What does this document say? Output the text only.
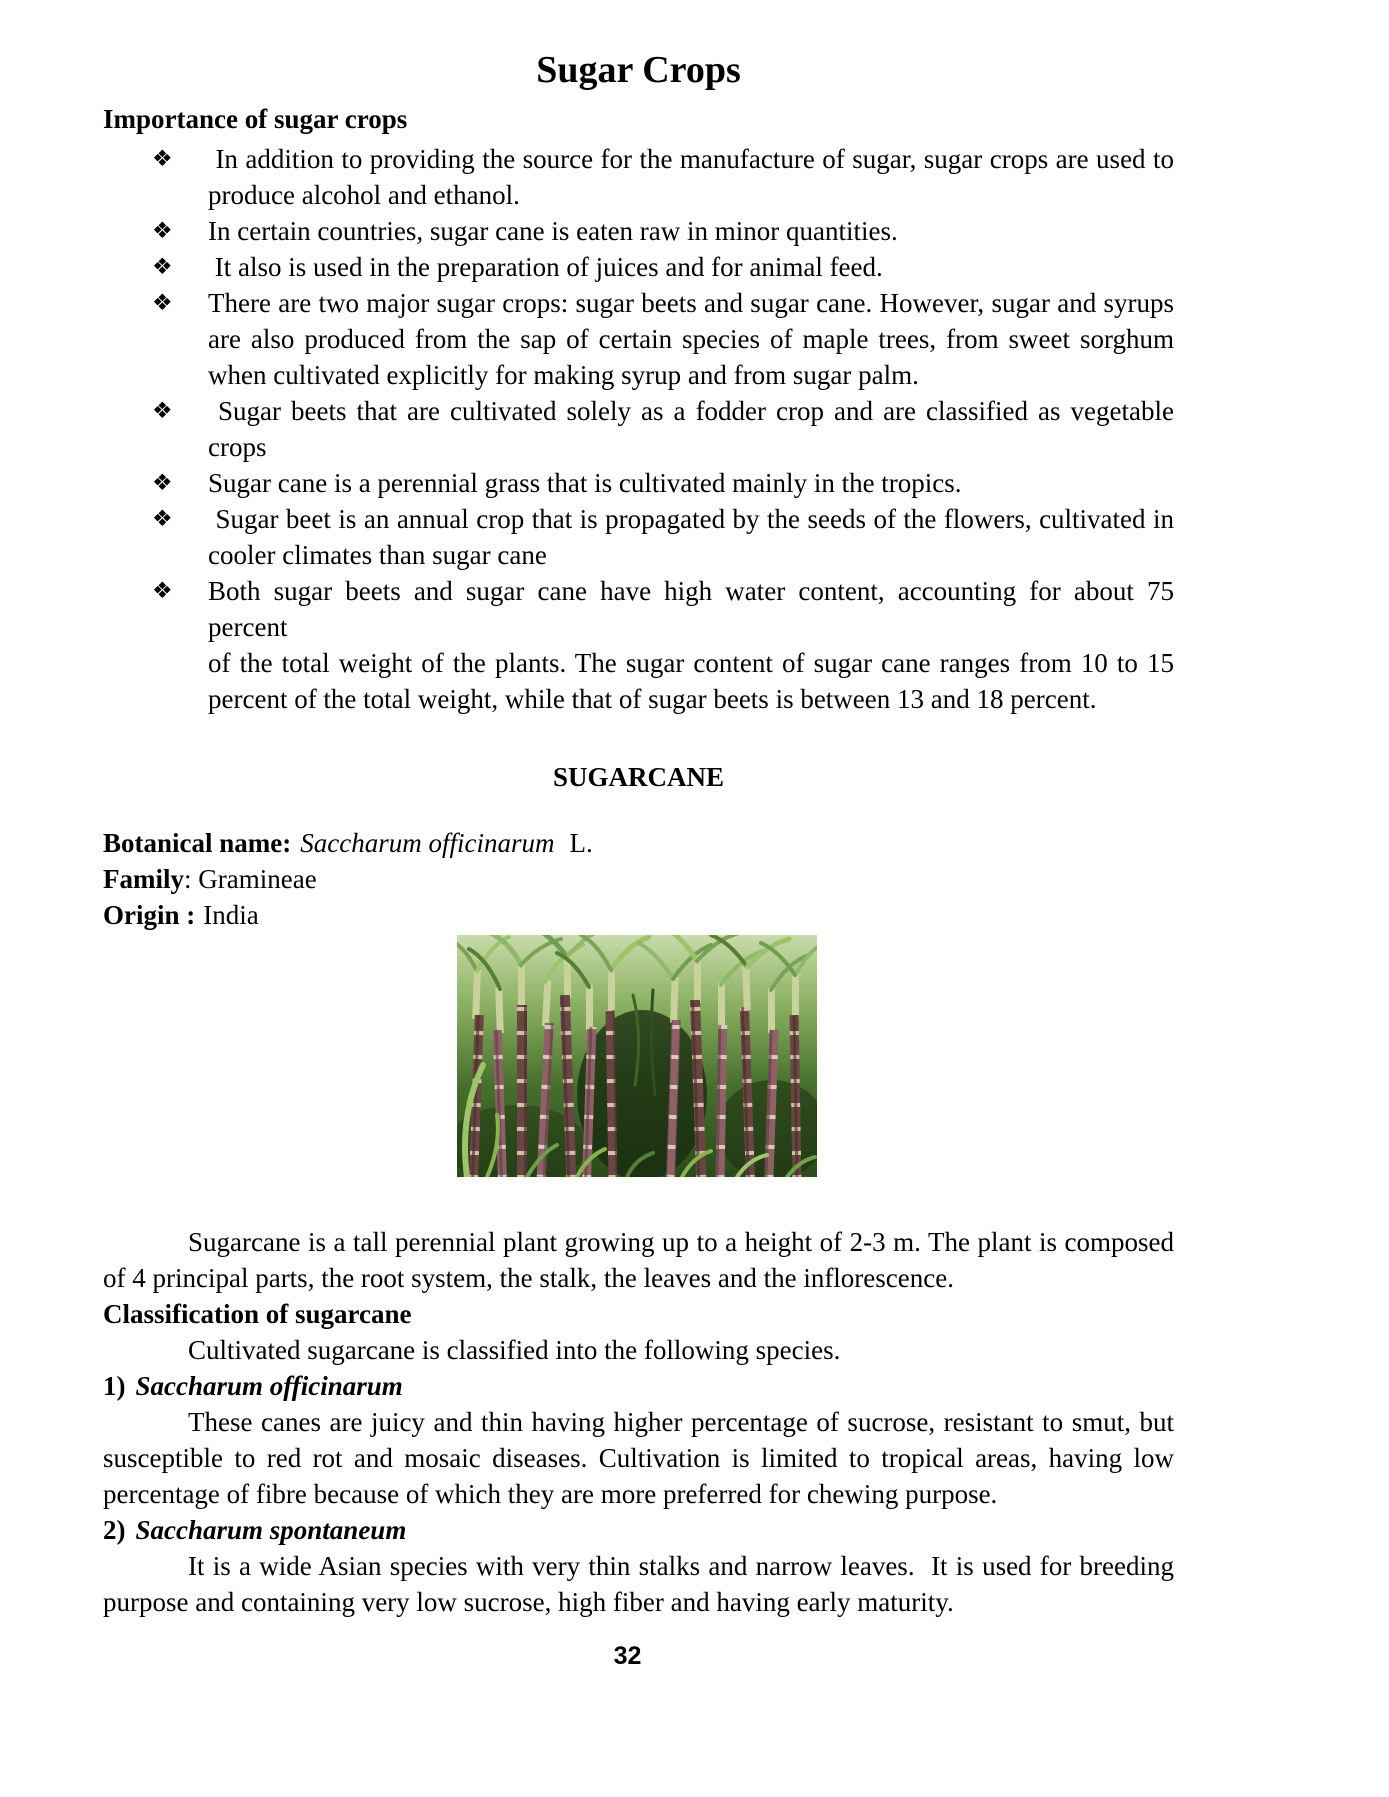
Sugar Crops
Importance of sugar crops
❖ In addition to providing the source for the manufacture of sugar, sugar crops are used to
produce alcohol and ethanol.
❖ In certain countries, sugar cane is eaten raw in minor quantities.
❖ It also is used in the preparation of juices and for animal feed.
❖ There are two major sugar crops: sugar beets and sugar cane. However, sugar and syrups
are also produced from the sap of certain species of maple trees, from sweet sorghum
when cultivated explicitly for making syrup and from sugar palm.
❖ Sugar beets that are cultivated solely as a fodder crop and are classified as vegetable
crops
❖ Sugar cane is a perennial grass that is cultivated mainly in the tropics.
❖ Sugar beet is an annual crop that is propagated by the seeds of the flowers, cultivated in
cooler climates than sugar cane
❖ Both sugar beets and sugar cane have high water content, accounting for about 75 percent
of the total weight of the plants. The sugar content of sugar cane ranges from 10 to 15
percent of the total weight, while that of sugar beets is between 13 and 18 percent.
SUGARCANE
Botanical name: Saccharum officinarum L.
Family: Gramineae
Origin : India
Sugarcane is a tall perennial plant growing up to a height of 2-3 m. The plant is composed
of 4 principal parts, the root system, the stalk, the leaves and the inflorescence.
Classification of sugarcane
Cultivated sugarcane is classified into the following species.
1) Saccharum officinarum
These canes are juicy and thin having higher percentage of sucrose, resistant to smut, but
susceptible to red rot and mosaic diseases. Cultivation is limited to tropical areas, having low
percentage of fibre because of which they are more preferred for chewing purpose.
2) Saccharum spontaneum
It is a wide Asian species with very thin stalks and narrow leaves.  It is used for breeding
purpose and containing very low sucrose, high fiber and having early maturity.
32
